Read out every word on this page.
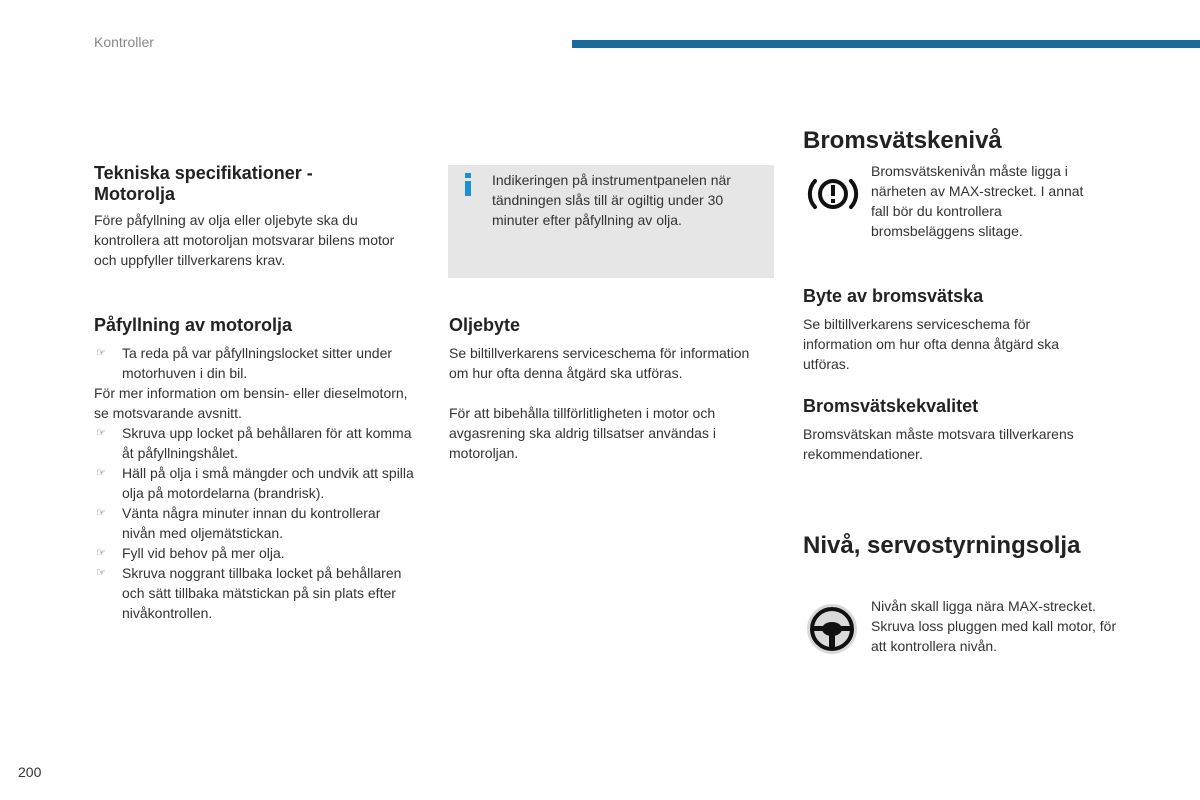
Kontroller
Tekniska specifikationer - Motorolja
Före påfyllning av olja eller oljebyte ska du kontrollera att motoroljan motsvarar bilens motor och uppfyller tillverkarens krav.
Påfyllning av motorolja
☞ Ta reda på var påfyllningslocket sitter under motorhuven i din bil.
För mer information om bensin- eller dieselmotorn, se motsvarande avsnitt.
☞ Skruva upp locket på behållaren för att komma åt påfyllningshålet.
☞ Häll på olja i små mängder och undvik att spilla olja på motordelarna (brandrisk).
☞ Vänta några minuter innan du kontrollerar nivån med oljemätstickan.
☞ Fyll vid behov på mer olja.
☞ Skruva noggrant tillbaka locket på behållaren och sätt tillbaka mätstickan på sin plats efter nivåkontrollen.
Indikeringen på instrumentpanelen när tändningen slås till är ogiltig under 30 minuter efter påfyllning av olja.
Oljebyte
Se biltillverkarens serviceschema för information om hur ofta denna åtgärd ska utföras.
För att bibehålla tillförlitligheten i motor och avgasrening ska aldrig tillsatser användas i motoroljan.
Bromsvätskenivå
Bromsvätskenivån måste ligga i närheten av MAX-strecket. I annat fall bör du kontrollera bromsbeläggens slitage.
Byte av bromsvätska
Se biltillverkarens serviceschema för information om hur ofta denna åtgärd ska utföras.
Bromsvätskekvalitet
Bromsvätskan måste motsvara tillverkarens rekommendationer.
Nivå, servostyrningsolja
Nivån skall ligga nära MAX-strecket. Skruva loss pluggen med kall motor, för att kontrollera nivån.
200
